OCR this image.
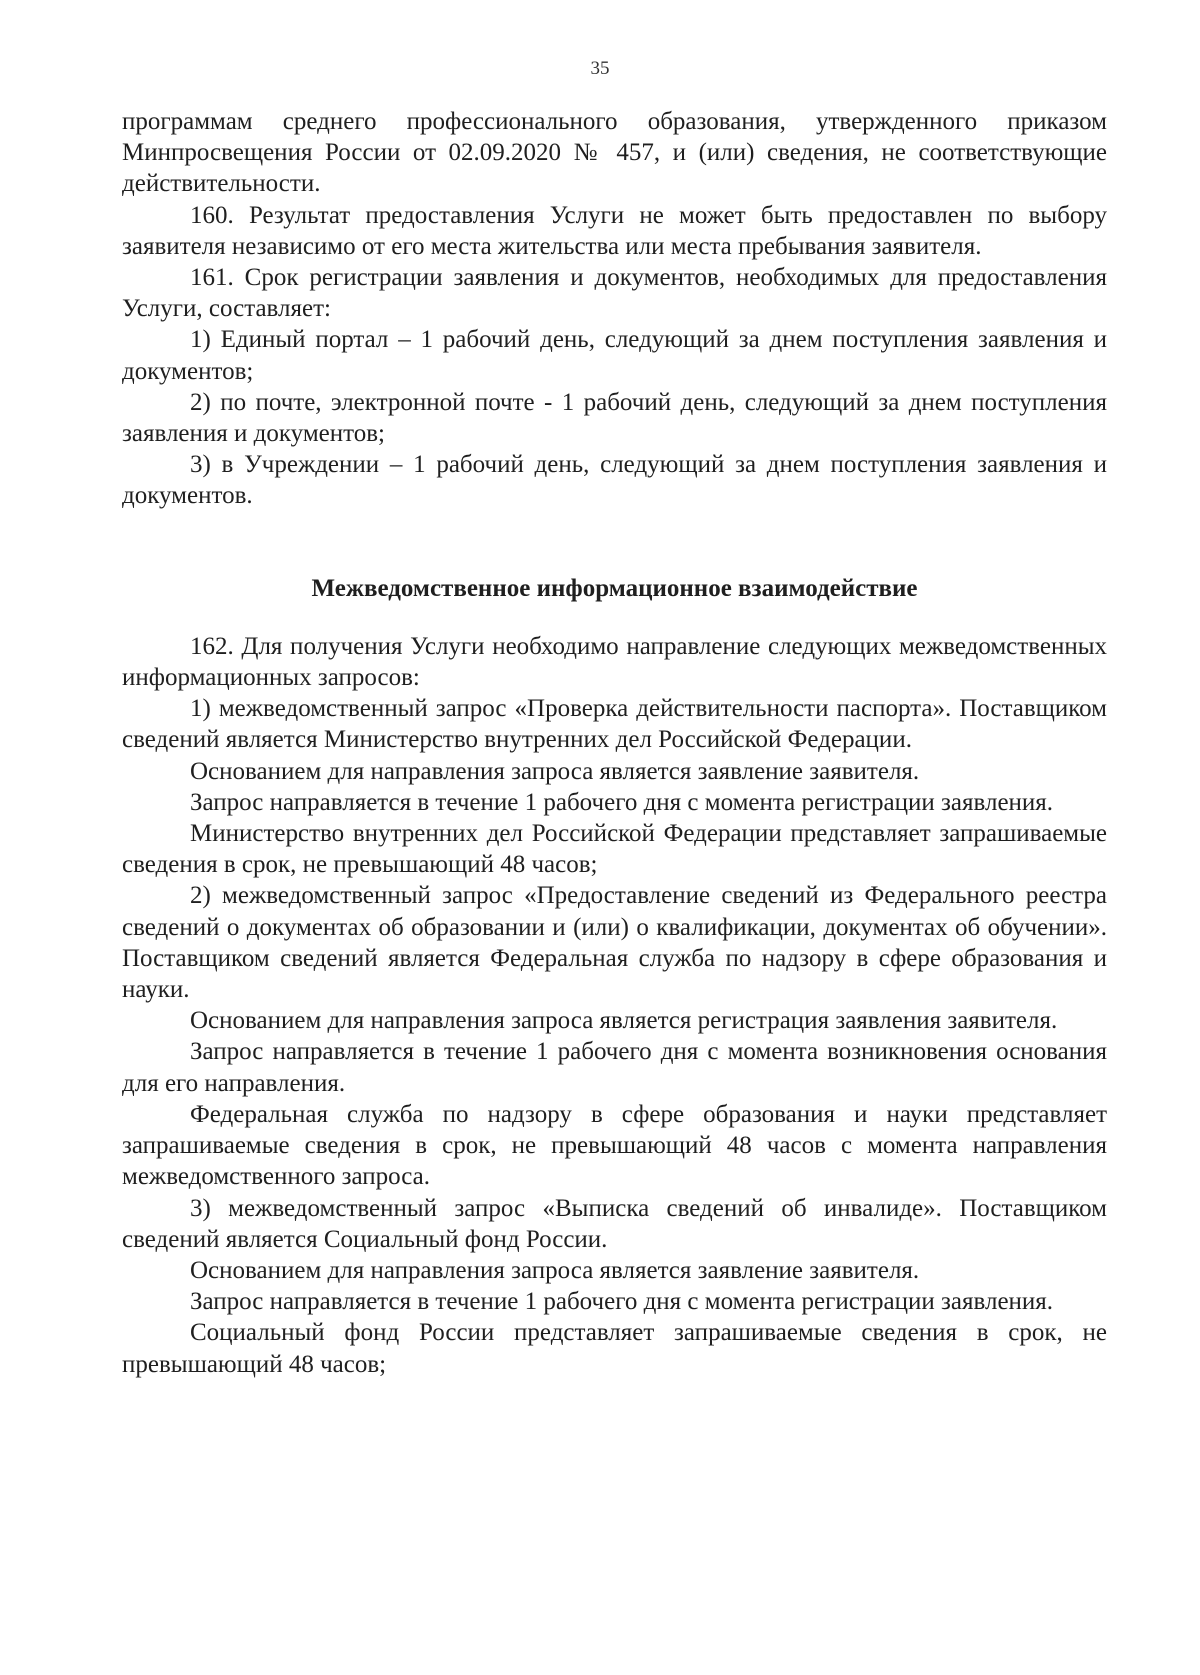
35

программам среднего профессионального образования, утвержденного приказом Минпросвещения России от 02.09.2020 № 457, и (или) сведения, не соответствующие действительности.

160. Результат предоставления Услуги не может быть предоставлен по выбору заявителя независимо от его места жительства или места пребывания заявителя.

161. Срок регистрации заявления и документов, необходимых для предоставления Услуги, составляет:

1) Единый портал – 1 рабочий день, следующий за днем поступления заявления и документов;

2) по почте, электронной почте - 1 рабочий день, следующий за днем поступления заявления и документов;

3) в Учреждении – 1 рабочий день, следующий за днем поступления заявления и документов.

Межведомственное информационное взаимодействие

162. Для получения Услуги необходимо направление следующих межведомственных информационных запросов:

1) межведомственный запрос «Проверка действительности паспорта». Поставщиком сведений является Министерство внутренних дел Российской Федерации.

Основанием для направления запроса является заявление заявителя.

Запрос направляется в течение 1 рабочего дня с момента регистрации заявления.

Министерство внутренних дел Российской Федерации представляет запрашиваемые сведения в срок, не превышающий 48 часов;

2) межведомственный запрос «Предоставление сведений из Федерального реестра сведений о документах об образовании и (или) о квалификации, документах об обучении». Поставщиком сведений является Федеральная служба по надзору в сфере образования и науки.

Основанием для направления запроса является регистрация заявления заявителя.

Запрос направляется в течение 1 рабочего дня с момента возникновения основания для его направления.

Федеральная служба по надзору в сфере образования и науки представляет запрашиваемые сведения в срок, не превышающий 48 часов с момента направления межведомственного запроса.

3) межведомственный запрос «Выписка сведений об инвалиде». Поставщиком сведений является Социальный фонд России.

Основанием для направления запроса является заявление заявителя.

Запрос направляется в течение 1 рабочего дня с момента регистрации заявления.

Социальный фонд России представляет запрашиваемые сведения в срок, не превышающий 48 часов;
